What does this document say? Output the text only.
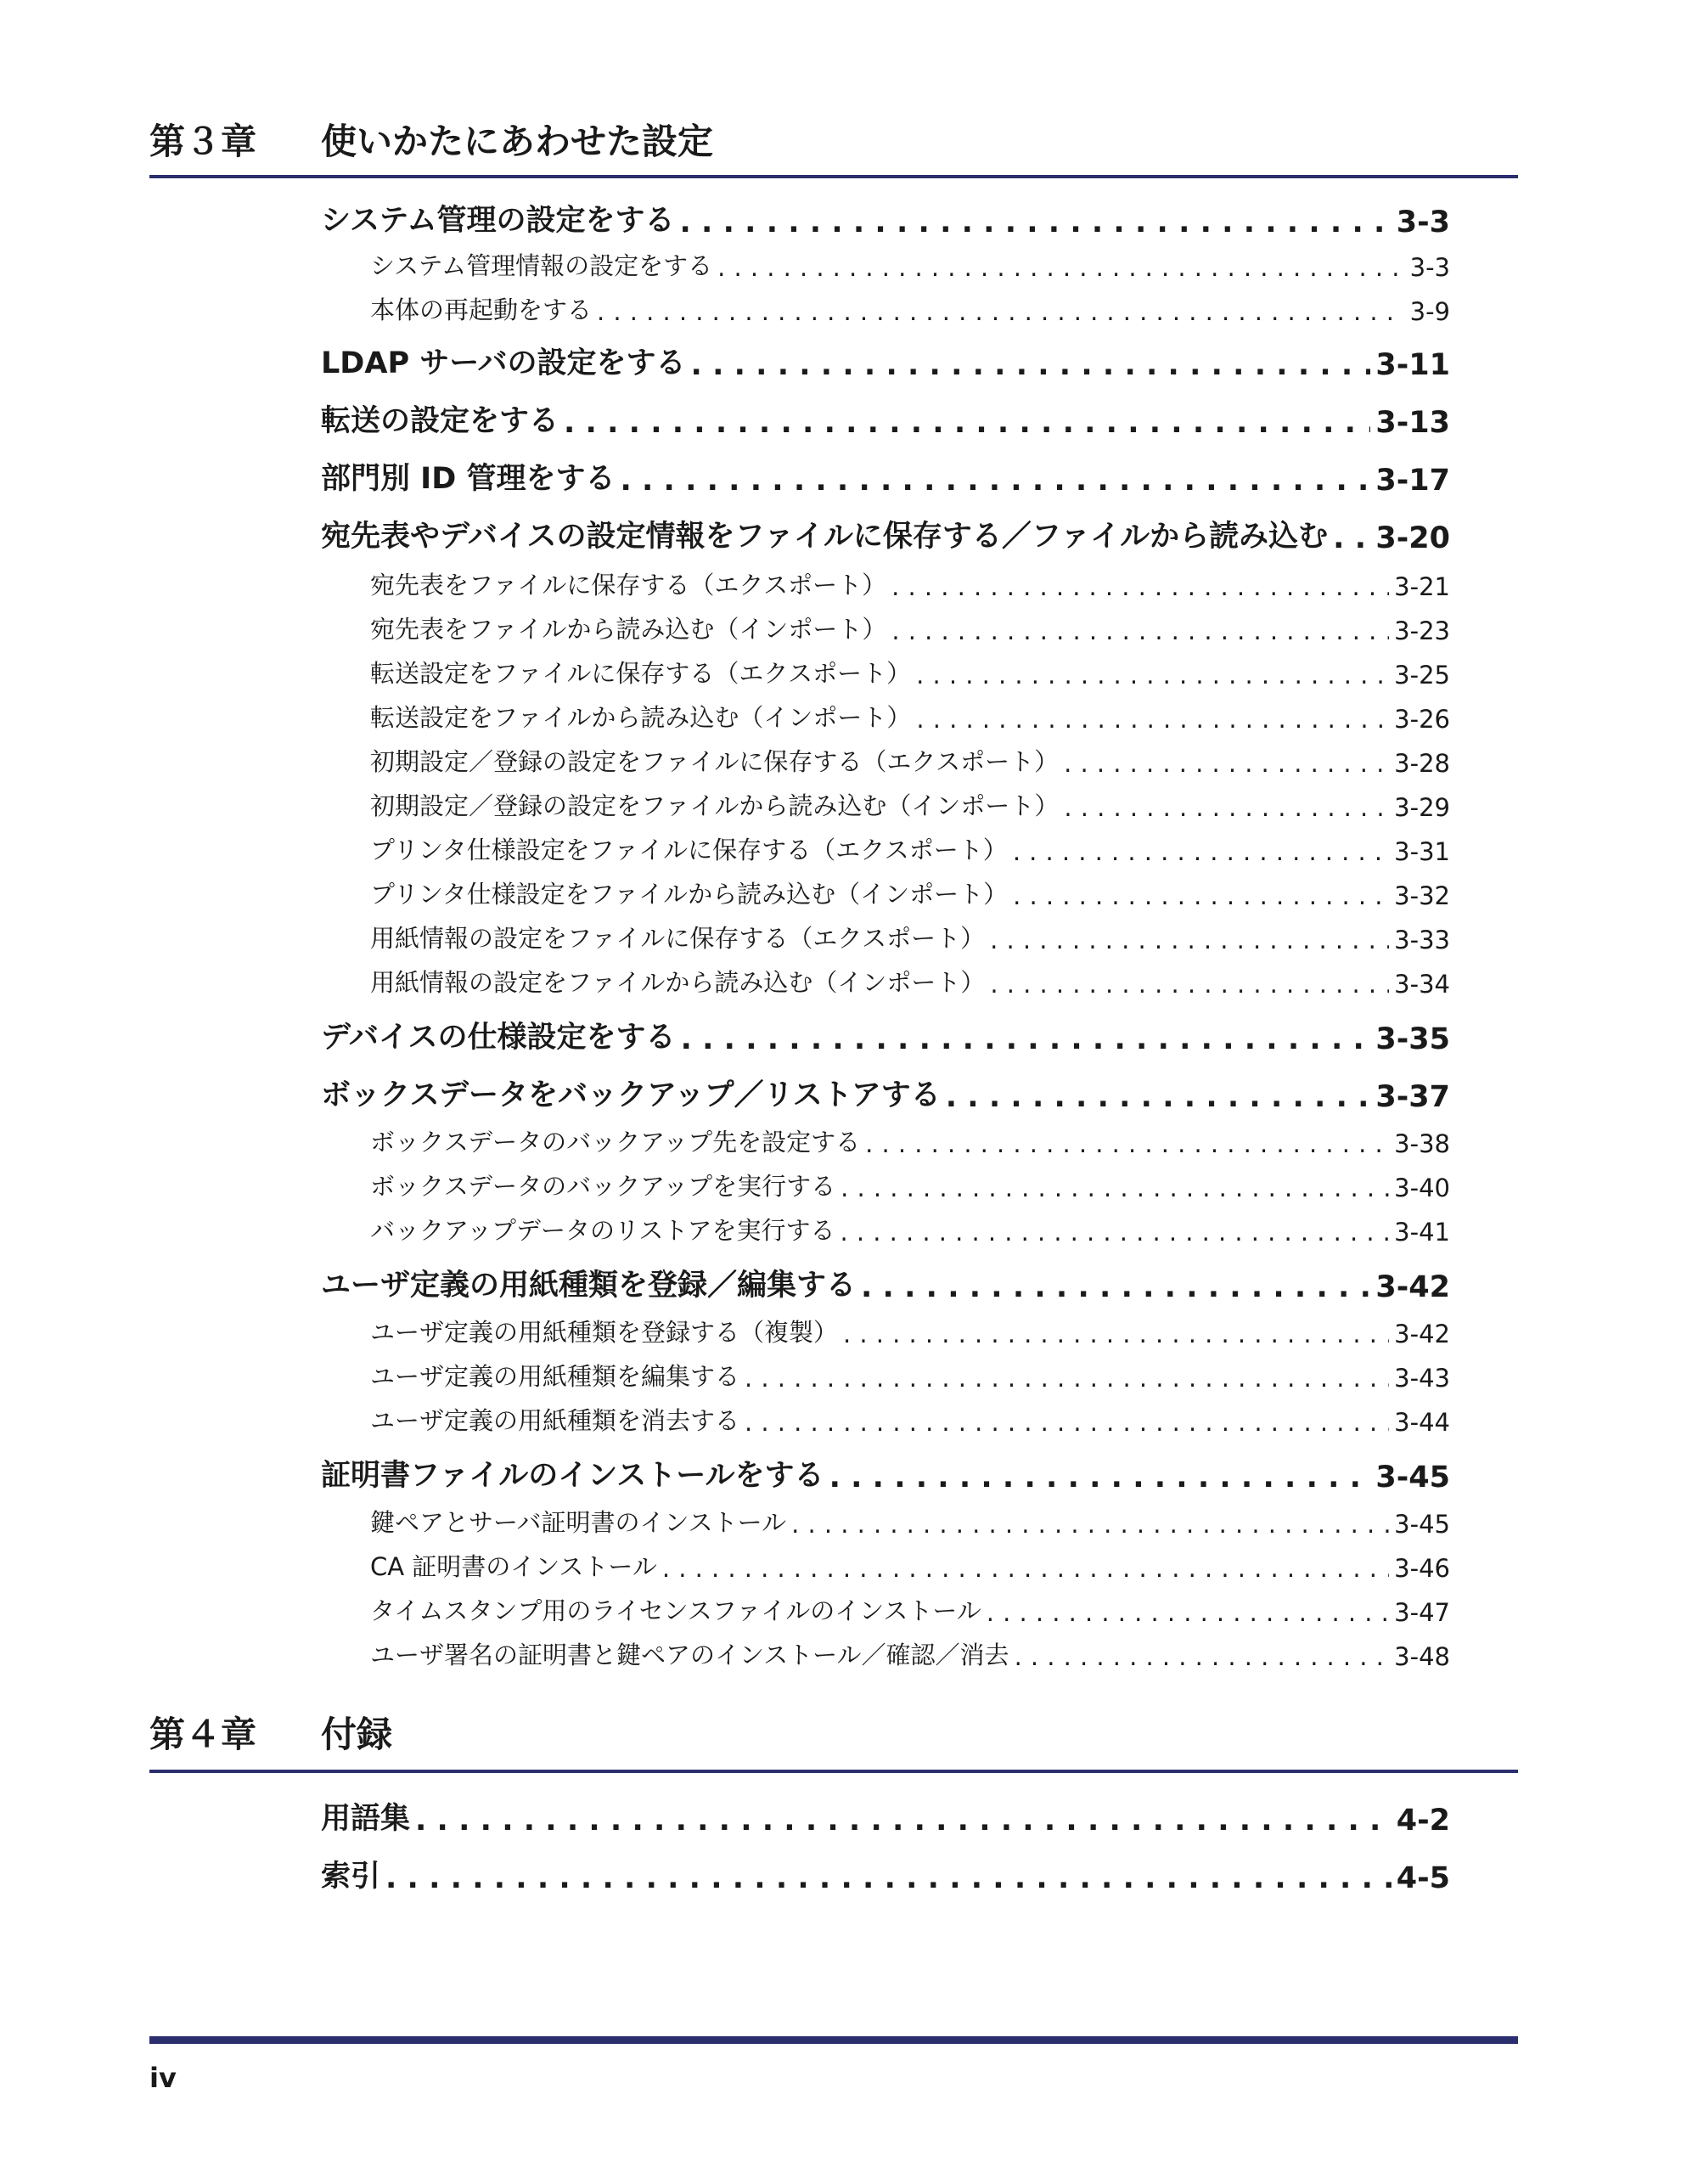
第３章	使いかたにあわせた設定
システム管理の設定をする .....	3-3
システム管理情報の設定をする .....	3-3
本体の再起動をする .....	3-9
LDAP サーバの設定をする .....	3-11
転送の設定をする .....	3-13
部門別 ID 管理をする .....	3-17
宛先表やデバイスの設定情報をファイルに保存する／ファイルから読み込む ..... 3-20
宛先表をファイルに保存する（エクスポート） .....	3-21
宛先表をファイルから読み込む（インポート） .....	3-23
転送設定をファイルに保存する（エクスポート） .....	3-25
転送設定をファイルから読み込む（インポート） .....	3-26
初期設定／登録の設定をファイルに保存する（エクスポート） .....	3-28
初期設定／登録の設定をファイルから読み込む（インポート） .....	3-29
プリンタ仕様設定をファイルに保存する（エクスポート） .....	3-31
プリンタ仕様設定をファイルから読み込む（インポート） .....	3-32
用紙情報の設定をファイルに保存する（エクスポート） .....	3-33
用紙情報の設定をファイルから読み込む（インポート） .....	3-34
デバイスの仕様設定をする .....	3-35
ボックスデータをバックアップ／リストアする .....	3-37
ボックスデータのバックアップ先を設定する .....	3-38
ボックスデータのバックアップを実行する .....	3-40
バックアップデータのリストアを実行する .....	3-41
ユーザ定義の用紙種類を登録／編集する .....	3-42
ユーザ定義の用紙種類を登録する（複製） .....	3-42
ユーザ定義の用紙種類を編集する .....	3-43
ユーザ定義の用紙種類を消去する .....	3-44
証明書ファイルのインストールをする .....	3-45
鍵ペアとサーバ証明書のインストール .....	3-45
CA 証明書のインストール .....	3-46
タイムスタンプ用のライセンスファイルのインストール .....	3-47
ユーザ署名の証明書と鍵ペアのインストール／確認／消去 .....	3-48
第４章	付録
用語集 .....	4-2
索引 .....	4-5
iv
